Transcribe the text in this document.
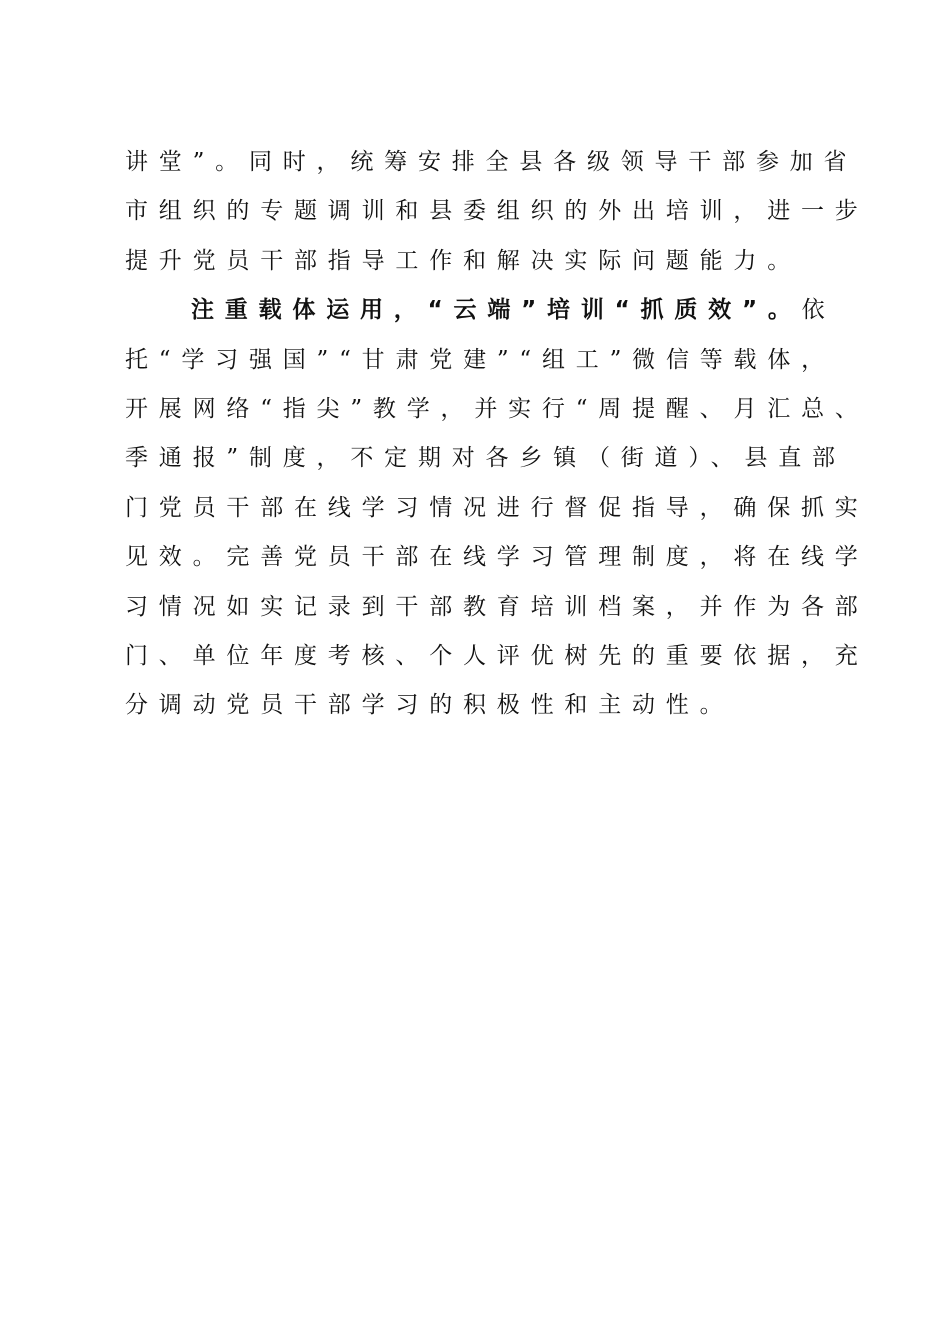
讲堂”。同时，统筹安排全县各级领导干部参加省
市组织的专题调训和县委组织的外出培训，进一步
提升党员干部指导工作和解决实际问题能力。
注重载体运用，“云端”培训“抓质效”。依
托“学习强国”“甘肃党建”“组工”微信等载体，
开展网络“指尖”教学，并实行“周提醒、月汇总、
季通报”制度，不定期对各乡镇（街道）、县直部
门党员干部在线学习情况进行督促指导，确保抓实
见效。完善党员干部在线学习管理制度，将在线学
习情况如实记录到干部教育培训档案，并作为各部
门、单位年度考核、个人评优树先的重要依据，充
分调动党员干部学习的积极性和主动性。
